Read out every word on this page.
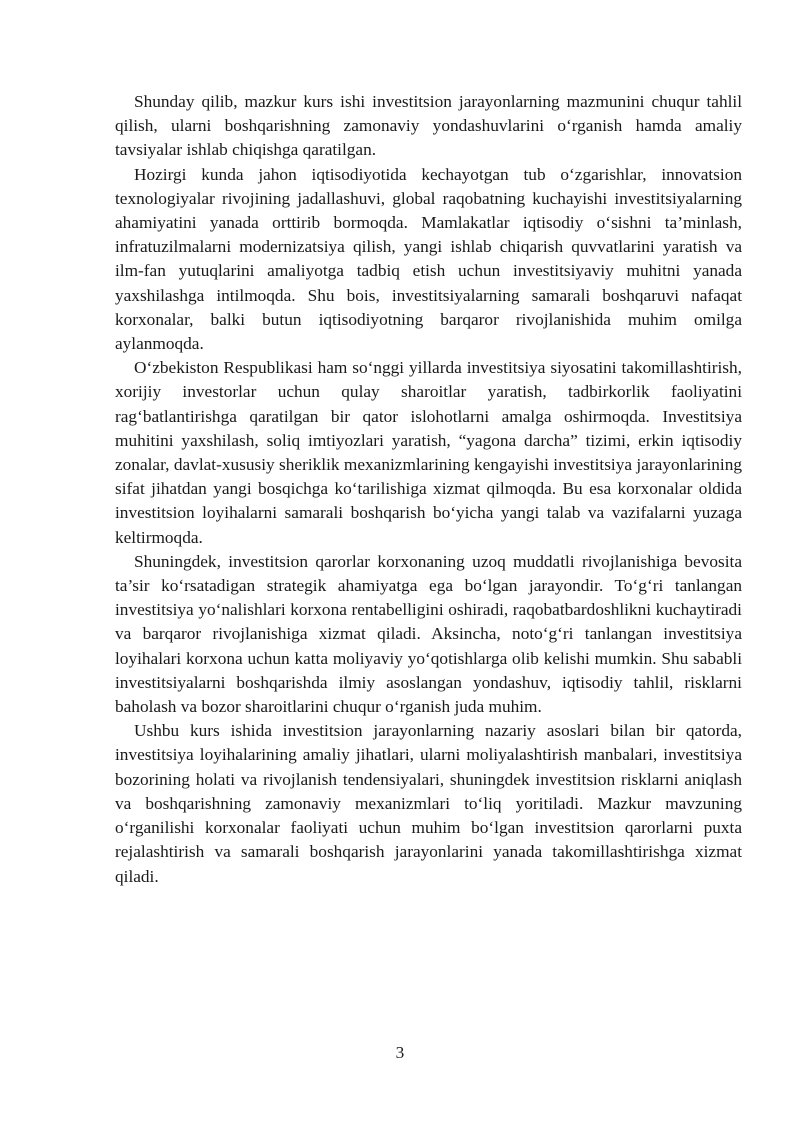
Shunday qilib, mazkur kurs ishi investitsion jarayonlarning mazmunini chuqur tahlil qilish, ularni boshqarishning zamonaviy yondashuvlarini o‘rganish hamda amaliy tavsiyalar ishlab chiqishga qaratilgan.

Hozirgi kunda jahon iqtisodiyotida kechayotgan tub o‘zgarishlar, innovatsion texnologiyalar rivojining jadallashuvi, global raqobatning kuchayishi investitsiyalarning ahamiyatini yanada orttirib bormoqda. Mamlakatlar iqtisodiy o‘sishni ta’minlash, infratuzilmalarni modernizatsiya qilish, yangi ishlab chiqarish quvvatlarini yaratish va ilm-fan yutuqlarini amaliyotga tadbiq etish uchun investitsiyaviy muhitni yanada yaxshilashga intilmoqda. Shu bois, investitsiyalarning samarali boshqaruvi nafaqat korxonalar, balki butun iqtisodiyotning barqaror rivojlanishida muhim omilga aylanmoqda.

O‘zbekiston Respublikasi ham so‘nggi yillarda investitsiya siyosatini takomillashtirish, xorijiy investorlar uchun qulay sharoitlar yaratish, tadbirkorlik faoliyatini rag‘batlantirishga qaratilgan bir qator islohotlarni amalga oshirmoqda. Investitsiya muhitini yaxshilash, soliq imtiyozlari yaratish, “yagona darcha” tizimi, erkin iqtisodiy zonalar, davlat-xususiy sheriklik mexanizmlarining kengayishi investitsiya jarayonlarining sifat jihatdan yangi bosqichga ko‘tarilishiga xizmat qilmoqda. Bu esa korxonalar oldida investitsion loyihalarni samarali boshqarish bo‘yicha yangi talab va vazifalarni yuzaga keltirmoqda.

Shuningdek, investitsion qarorlar korxonaning uzoq muddatli rivojlanishiga bevosita ta’sir ko‘rsatadigan strategik ahamiyatga ega bo‘lgan jarayondir. To‘g‘ri tanlangan investitsiya yo‘nalishlari korxona rentabelligini oshiradi, raqobatbardoshlikni kuchaytiradi va barqaror rivojlanishiga xizmat qiladi. Aksincha, noto‘g‘ri tanlangan investitsiya loyihalari korxona uchun katta moliyaviy yo‘qotishlarga olib kelishi mumkin. Shu sababli investitsiyalarni boshqarishda ilmiy asoslangan yondashuv, iqtisodiy tahlil, risklarni baholash va bozor sharoitlarini chuqur o‘rganish juda muhim.

Ushbu kurs ishida investitsion jarayonlarning nazariy asoslari bilan bir qatorda, investitsiya loyihalarining amaliy jihatlari, ularni moliyalashtirish manbalari, investitsiya bozorining holati va rivojlanish tendensiyalari, shuningdek investitsion risklarni aniqlash va boshqarishning zamonaviy mexanizmlari to‘liq yoritiladi. Mazkur mavzuning o‘rganilishi korxonalar faoliyati uchun muhim bo‘lgan investitsion qarorlarni puxta rejalashtirish va samarali boshqarish jarayonlarini yanada takomillashtirishga xizmat qiladi.

3
